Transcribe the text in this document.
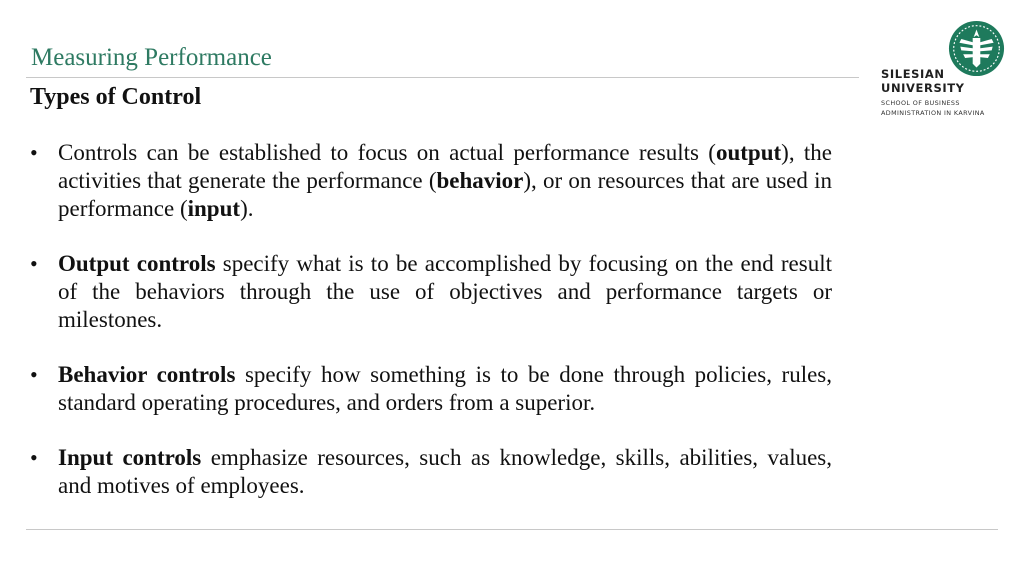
Measuring Performance
SILESIAN
UNIVERSITY
SCHOOL OF BUSINESS
ADMINISTRATION IN KARVINA
Types of Control
• Controls can be established to focus on actual performance results (output), the activities that generate the performance (behavior), or on resources that are used in performance (input).
• Output controls specify what is to be accomplished by focusing on the end result of the behaviors through the use of objectives and performance targets or milestones.
• Behavior controls specify how something is to be done through policies, rules, standard operating procedures, and orders from a superior.
• Input controls emphasize resources, such as knowledge, skills, abilities, values, and motives of employees.
